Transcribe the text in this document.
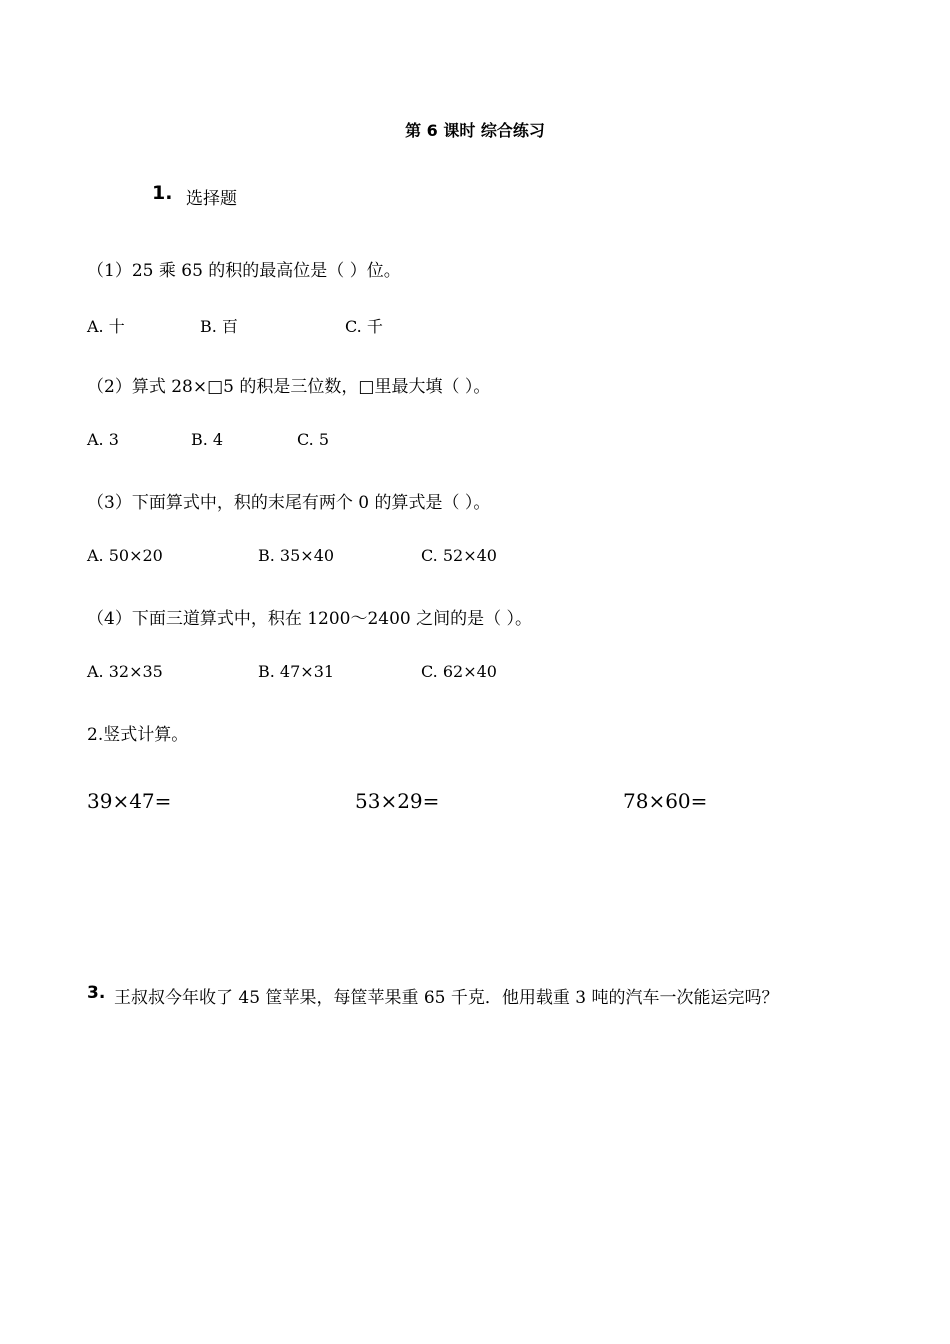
第 6 课时 综合练习
1. 选择题
（1）25 乘 65 的积的最高位是（ ）位。
A. 十	B. 百	C. 千
（2）算式 28×□5 的积是三位数，□里最大填（ ）。
A. 3	B. 4	C. 5
（3）下面算式中，积的末尾有两个 0 的算式是（ ）。
A. 50×20	B. 35×40	C. 52×40
（4）下面三道算式中，积在 1200～2400 之间的是（ ）。
A. 32×35	B. 47×31	C. 62×40
2.竖式计算。
39×47=	53×29=	78×60=
3. 王叔叔今年收了 45 筐苹果，每筐苹果重 65 千克．他用载重 3 吨的汽车一次能运完吗？
